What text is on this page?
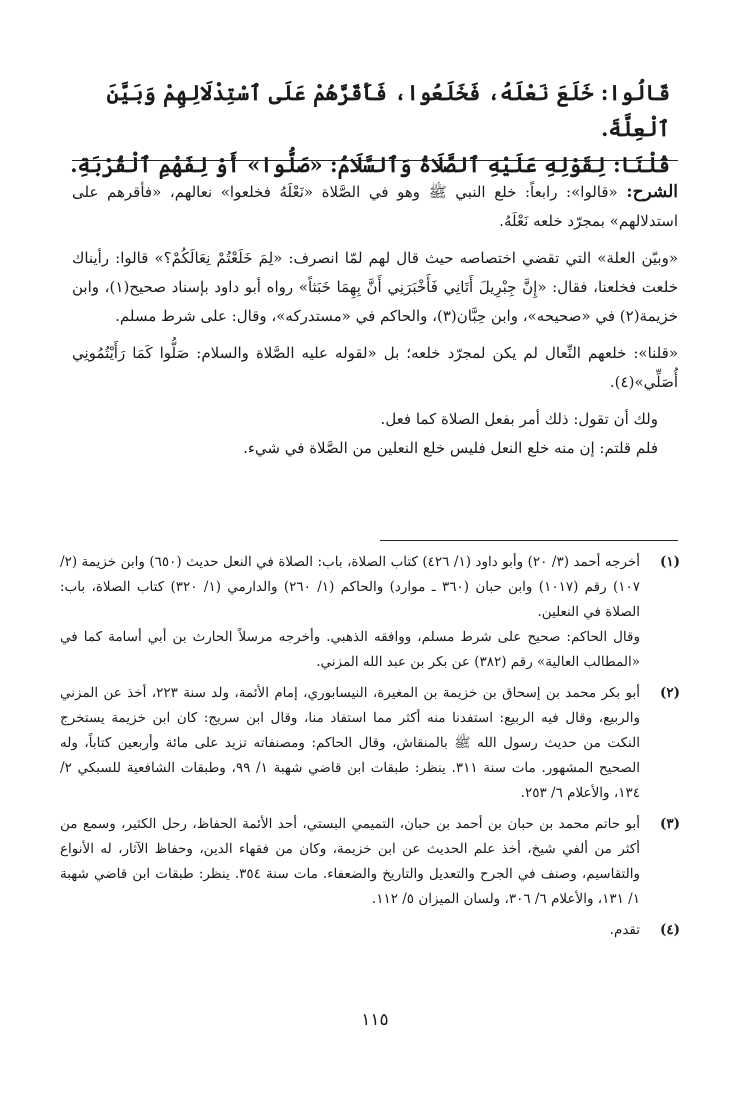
قَالُوا: خَلَعَ نَعْلَهُ، فَخَلَعُوا، فَأَقَرَّهُمْ عَلَى ٱسْتِدْلَالِهِمْ وَبَيَّنَ ٱلْعِلَّةَ.
قُلْنَا: لِقَوْلِهِ عَلَيْهِ ٱلصَّلَاةُ وَٱلسَّلَامُ: «صَلُّوا» أَوْ لِفَهْمِ ٱلْقُرْبَةِ.

الشرح: «قالوا»: رابعاً: خلع النبي ﷺ وهو في الصَّلاة «نَعْلَهُ فخلعوا» نعالهم، «فأقرهم على استدلالهم» بمجرّد خلعه نَعْلَهُ.

«وبيّن العلة» التي تقضي اختصاصه حيث قال لهم لمّا انصرف: «لِمَ خَلَعْتُمْ نِعَالَكُمْ؟» قالوا: رأيناك خلعت فخلعنا، فقال: «إِنَّ جِبْرِيلَ أَتَانِي فَأَخْبَرَنِي أَنَّ بِهِمَا خَبَثاً» رواه أبو داود بإسناد صحيح(١)، وابن خزيمة(٢) في «صحيحه»، وابن حِبَّان(٣)، والحاكم في «مستدركه»، وقال: على شرط مسلم.

«قلنا»: خلعهم النِّعال لم يكن لمجرّد خلعه؛ بل «لقوله عليه الصَّلاة والسلام: صَلُّوا كَمَا رَأَيْتُمُونِي أُصَلِّي»(٤).

ولك أن تقول: ذلك أمر بفعل الصلاة كما فعل.

فلم قلتم: إن منه خلع النعل فليس خلع النعلين من الصَّلاة في شيء.

(١)

أخرجه أحمد (٣/ ٢٠) وأبو داود (١/ ٤٢٦) كتاب الصلاة، باب: الصلاة في النعل حديث (٦٥٠) وابن خزيمة (٢/ ١٠٧) رقم (١٠١٧) وابن حبان (٣٦٠ ـ موارد) والحاكم (١/ ٢٦٠) والدارمي (١/ ٣٢٠) كتاب الصلاة، باب: الصلاة في النعلين.

وقال الحاكم: صحيح على شرط مسلم، ووافقه الذهبي. وأخرجه مرسلاً الحارث بن أبي أسامة كما في «المطالب العالية» رقم (٣٨٢) عن بكر بن عبد الله المزني.

(٢)

أبو بكر محمد بن إسحاق بن خزيمة بن المغيرة، النيسابوري، إمام الأئمة، ولد سنة ٢٢٣، أخذ عن المزني والربيع، وقال فيه الربيع: استفدنا منه أكثر مما استفاد منا، وقال ابن سريج: كان ابن خزيمة يستخرج النكت من حديث رسول الله ﷺ بالمنقاش، وقال الحاكم: ومصنفاته تزيد على مائة وأربعين كتاباً، وله الصحيح المشهور. مات سنة ٣١١. ينظر: طبقات ابن قاضي شهبة ١/ ٩٩، وطبقات الشافعية للسبكي ٢/ ١٣٤، والأعلام ٦/ ٢٥٣.

(٣)

أبو حاتم محمد بن حبان بن أحمد بن حبان، التميمي البستي، أحد الأئمة الحفاظ، رحل الكثير، وسمع من أكثر من ألفي شيخ، أخذ علم الحديث عن ابن خزيمة، وكان من فقهاء الدين، وحفاظ الآثار، له الأنواع والتقاسيم، وصنف في الجرح والتعديل والتاريخ والضعفاء. مات سنة ٣٥٤. ينظر: طبقات ابن قاضي شهبة ١/ ١٣١، والأعلام ٦/ ٣٠٦، ولسان الميزان ٥/ ١١٢.

(٤)

تقدم.

١١٥
